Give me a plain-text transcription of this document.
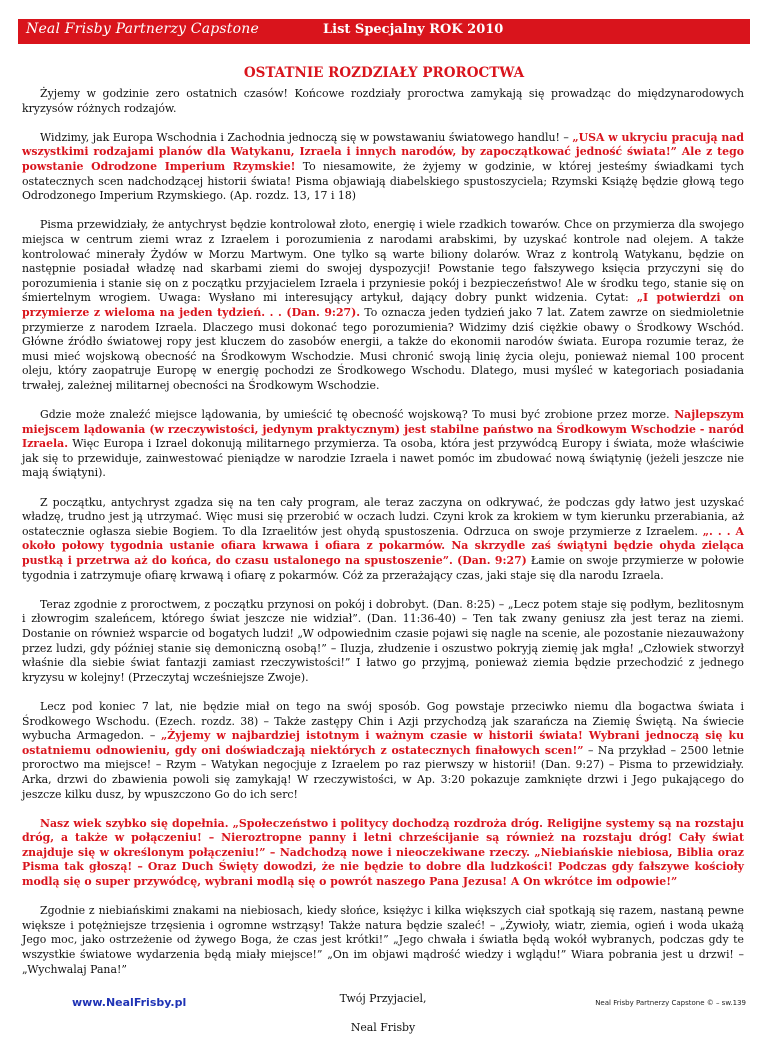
Neal Frisby Partnerzy Capstone	List Specjalny ROK 2010
OSTATNIE ROZDZIAŁY PROROCTWA

Żyjemy w godzinie zero ostatnich czasów! Końcowe rozdziały proroctwa zamykają się prowadząc do międzynarodowych kryzysów różnych rodzajów.

Widzimy, jak Europa Wschodnia i Zachodnia jednoczą się w powstawaniu światowego handlu! – „USA w ukryciu pracują nad wszystkimi rodzajami planów dla Watykanu, Izraela i innych narodów, by zapoczątkować jedność świata!” Ale z tego powstanie Odrodzone Imperium Rzymskie! To niesamowite, że żyjemy w godzinie, w której jesteśmy świadkami tych ostatecznych scen nadchodzącej historii świata! Pisma objawiają diabelskiego spustoszyciela; Rzymski Książę będzie głową tego Odrodzonego Imperium Rzymskiego. (Ap. rozdz. 13, 17 i 18)

Pisma przewidziały, że antychryst będzie kontrolował złoto, energię i wiele rzadkich towarów. Chce on przymierza dla swojego miejsca w centrum ziemi wraz z Izraelem i porozumienia z narodami arabskimi, by uzyskać kontrole nad olejem. A także kontrolować minerały Żydów w Morzu Martwym. One tylko są warte biliony dolarów. Wraz z kontrolą Watykanu, będzie on następnie posiadał władzę nad skarbami ziemi do swojej dyspozycji! Powstanie tego fałszywego księcia przyczyni się do porozumienia i stanie się on z początku przyjacielem Izraela i przyniesie pokój i bezpieczeństwo! Ale w środku tego, stanie się on śmiertelnym wrogiem. Uwaga: Wysłano mi interesujący artykuł, dający dobry punkt widzenia. Cytat: „I potwierdzi on przymierze z wieloma na jeden tydzień. . . (Dan. 9:27). To oznacza jeden tydzień jako 7 lat. Zatem zawrze on siedmioletnie przymierze z narodem Izraela. Dlaczego musi dokonać tego porozumienia? Widzimy dziś ciężkie obawy o Środkowy Wschód. Główne źródło światowej ropy jest kluczem do zasobów energii, a także do ekonomii narodów świata. Europa rozumie teraz, że musi mieć wojskową obecność na Środkowym Wschodzie. Musi chronić swoją linię życia oleju, ponieważ niemal 100 procent oleju, który zaopatruje Europę w energię pochodzi ze Środkowego Wschodu. Dlatego, musi myśleć w kategoriach posiadania trwałej, zależnej militarnej obecności na Środkowym Wschodzie.

Gdzie może znaleźć miejsce lądowania, by umieścić tę obecność wojskową? To musi być zrobione przez morze. Najlepszym miejscem lądowania (w rzeczywistości, jedynym praktycznym) jest stabilne państwo na Środkowym Wschodzie - naród Izraela. Więc Europa i Izrael dokonują militarnego przymierza. Ta osoba, która jest przywódcą Europy i świata, może właściwie jak się to przewiduje, zainwestować pieniądze w narodzie Izraela i nawet pomóc im zbudować nową świątynię (jeżeli jeszcze nie mają świątyni).

Z początku, antychryst zgadza się na ten cały program, ale teraz zaczyna on odkrywać, że podczas gdy łatwo jest uzyskać władzę, trudno jest ją utrzymać. Więc musi się przerobić w oczach ludzi. Czyni krok za krokiem w tym kierunku przerabiania, aż ostatecznie ogłasza siebie Bogiem. To dla Izraelitów jest ohydą spustoszenia. Odrzuca on swoje przymierze z Izraelem. „. . . A około połowy tygodnia ustanie ofiara krwawa i ofiara z pokarmów. Na skrzydle zaś świątyni będzie ohyda zieląca pustką i przetrwa aż do końca, do czasu ustalonego na spustoszenie”. (Dan. 9:27) Łamie on swoje przymierze w połowie tygodnia i zatrzymuje ofiarę krwawą i ofiarę z pokarmów. Cóż za przerażający czas, jaki staje się dla narodu Izraela.

Teraz zgodnie z proroctwem, z początku przynosi on pokój i dobrobyt. (Dan. 8:25) – „Lecz potem staje się podłym, bezlitosnym i złowrogim szaleńcem, którego świat jeszcze nie widział”. (Dan. 11:36-40) – Ten tak zwany geniusz zła jest teraz na ziemi. Dostanie on również wsparcie od bogatych ludzi! „W odpowiednim czasie pojawi się nagle na scenie, ale pozostanie niezauważony przez ludzi, gdy później stanie się demoniczną osobą!” – Iluzja, złudzenie i oszustwo pokryją ziemię jak mgła! „Człowiek stworzył właśnie dla siebie świat fantazji zamiast rzeczywistości!” I łatwo go przyjmą, ponieważ ziemia będzie przechodzić z jednego kryzysu w kolejny! (Przeczytaj wcześniejsze Zwoje).

Lecz pod koniec 7 lat, nie będzie miał on tego na swój sposób. Gog powstaje przeciwko niemu dla bogactwa świata i Środkowego Wschodu. (Ezech. rozdz. 38) – Także zastępy Chin i Azji przychodzą jak szarańcza na Ziemię Świętą. Na świecie wybucha Armagedon. – „Żyjemy w najbardziej istotnym i ważnym czasie w historii świata! Wybrani jednoczą się ku ostatniemu odnowieniu, gdy oni doświadczają niektórych z ostatecznych finałowych scen!” – Na przykład – 2500 letnie proroctwo ma miejsce! – Rzym – Watykan negocjuje z Izraelem po raz pierwszy w historii! (Dan. 9:27) – Pisma to przewidziały. Arka, drzwi do zbawienia powoli się zamykają! W rzeczywistości, w Ap. 3:20 pokazuje zamknięte drzwi i Jego pukającego do jeszcze kilku dusz, by wpuszczono Go do ich serc!

Nasz wiek szybko się dopełnia. „Społeczeństwo i politycy dochodzą rozdroża dróg. Religijne systemy są na rozstaju dróg, a także w połączeniu! – Nieroztropne panny i letni chrześcijanie są również na rozstaju dróg! Cały świat znajduje się w określonym połączeniu!” – Nadchodzą nowe i nieoczekiwane rzeczy. „Niebiańskie niebiosa, Biblia oraz Pisma tak głoszą! – Oraz Duch Święty dowodzi, że nie będzie to dobre dla ludzkości! Podczas gdy fałszywe kościoły modlą się o super przywódcę, wybrani modlą się o powrót naszego Pana Jezusa! A On wkrótce im odpowie!”

Zgodnie z niebiańskimi znakami na niebiosach, kiedy słońce, księżyc i kilka większych ciał spotkają się razem, nastaną pewne większe i potężniejsze trzęsienia i ogromne wstrząsy! Także natura będzie szaleć! – „Żywioły, wiatr, ziemia, ogień i woda ukażą Jego moc, jako ostrzeżenie od żywego Boga, że czas jest krótki!” „Jego chwała i światła będą wokół wybranych, podczas gdy te wszystkie światowe wydarzenia będą miały miejsce!” „On im objawi mądrość wiedzy i wglądu!” Wiara pobrania jest u drzwi! – „Wychwalaj Pana!”

Twój Przyjaciel,

Neal Frisby

www.NealFrisby.pl	Neal Frisby Partnerzy Capstone © – sw.139
